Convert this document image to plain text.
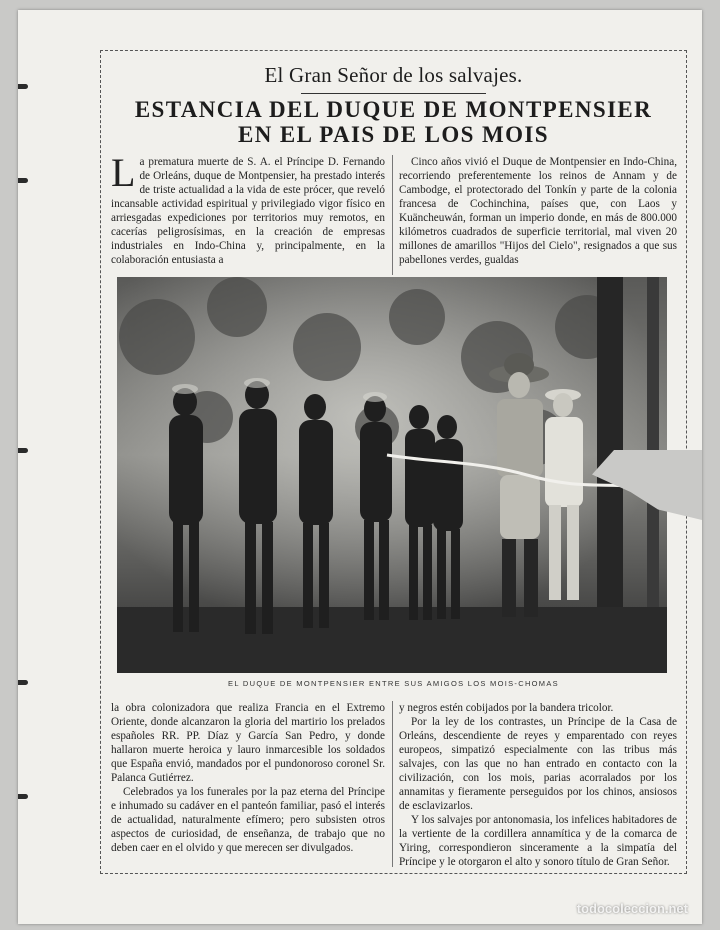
El Gran Señor de los salvajes.
ESTANCIA DEL DUQUE DE MONTPENSIER
EN EL PAIS DE LOS MOIS

La prematura muerte de S. A. el Príncipe D. Fernando de Orleáns, duque de Montpensier, ha prestado interés de triste actualidad a la vida de este prócer, que reveló incansable actividad espiritual y privilegiado vigor físico en arriesgadas expediciones por territorios muy remotos, en cacerías peligrosísimas, en la creación de empresas industriales en Indo-China y, principalmente, en la colaboración entusiasta a

Cinco años vivió el Duque de Montpensier en Indo-China, recorriendo preferentemente los reinos de Annam y de Cambodge, el protectorado del Tonkín y parte de la colonia francesa de Cochinchina, países que, con Laos y Kuäncheuwán, forman un imperio donde, en más de 800.000 kilómetros cuadrados de superficie territorial, mal viven 20 millones de amarillos "Hijos del Cielo", resignados a que sus pabellones verdes, gualdas

EL DUQUE DE MONTPENSIER ENTRE SUS AMIGOS LOS MOIS-CHOMAS

la obra colonizadora que realiza Francia en el Extremo Oriente, donde alcanzaron la gloria del martirio los prelados españoles RR. PP. Díaz y García San Pedro, y donde hallaron muerte heroica y lauro inmarcesible los soldados que España envió, mandados por el pundonoroso coronel Sr. Palanca Gutiérrez.

Celebrados ya los funerales por la paz eterna del Príncipe e inhumado su cadáver en el panteón familiar, pasó el interés de actualidad, naturalmente efímero; pero subsisten otros aspectos de curiosidad, de enseñanza, de trabajo que no deben caer en el olvido y que merecen ser divulgados.

y negros estén cobijados por la bandera tricolor.

Por la ley de los contrastes, un Príncipe de la Casa de Orleáns, descendiente de reyes y emparentado con reyes europeos, simpatizó especialmente con las tribus más salvajes, con las que no han entrado en contacto con la civilización, con los mois, parias acorralados por los annamitas y fieramente perseguidos por los chinos, ansiosos de esclavizarlos.

Y los salvajes por antonomasia, los infelices habitadores de la vertiente de la cordillera annamítica y de la comarca de Yiring, correspondieron sinceramente a la simpatía del Príncipe y le otorgaron el alto y sonoro título de Gran Señor.

todocoleccion.net
